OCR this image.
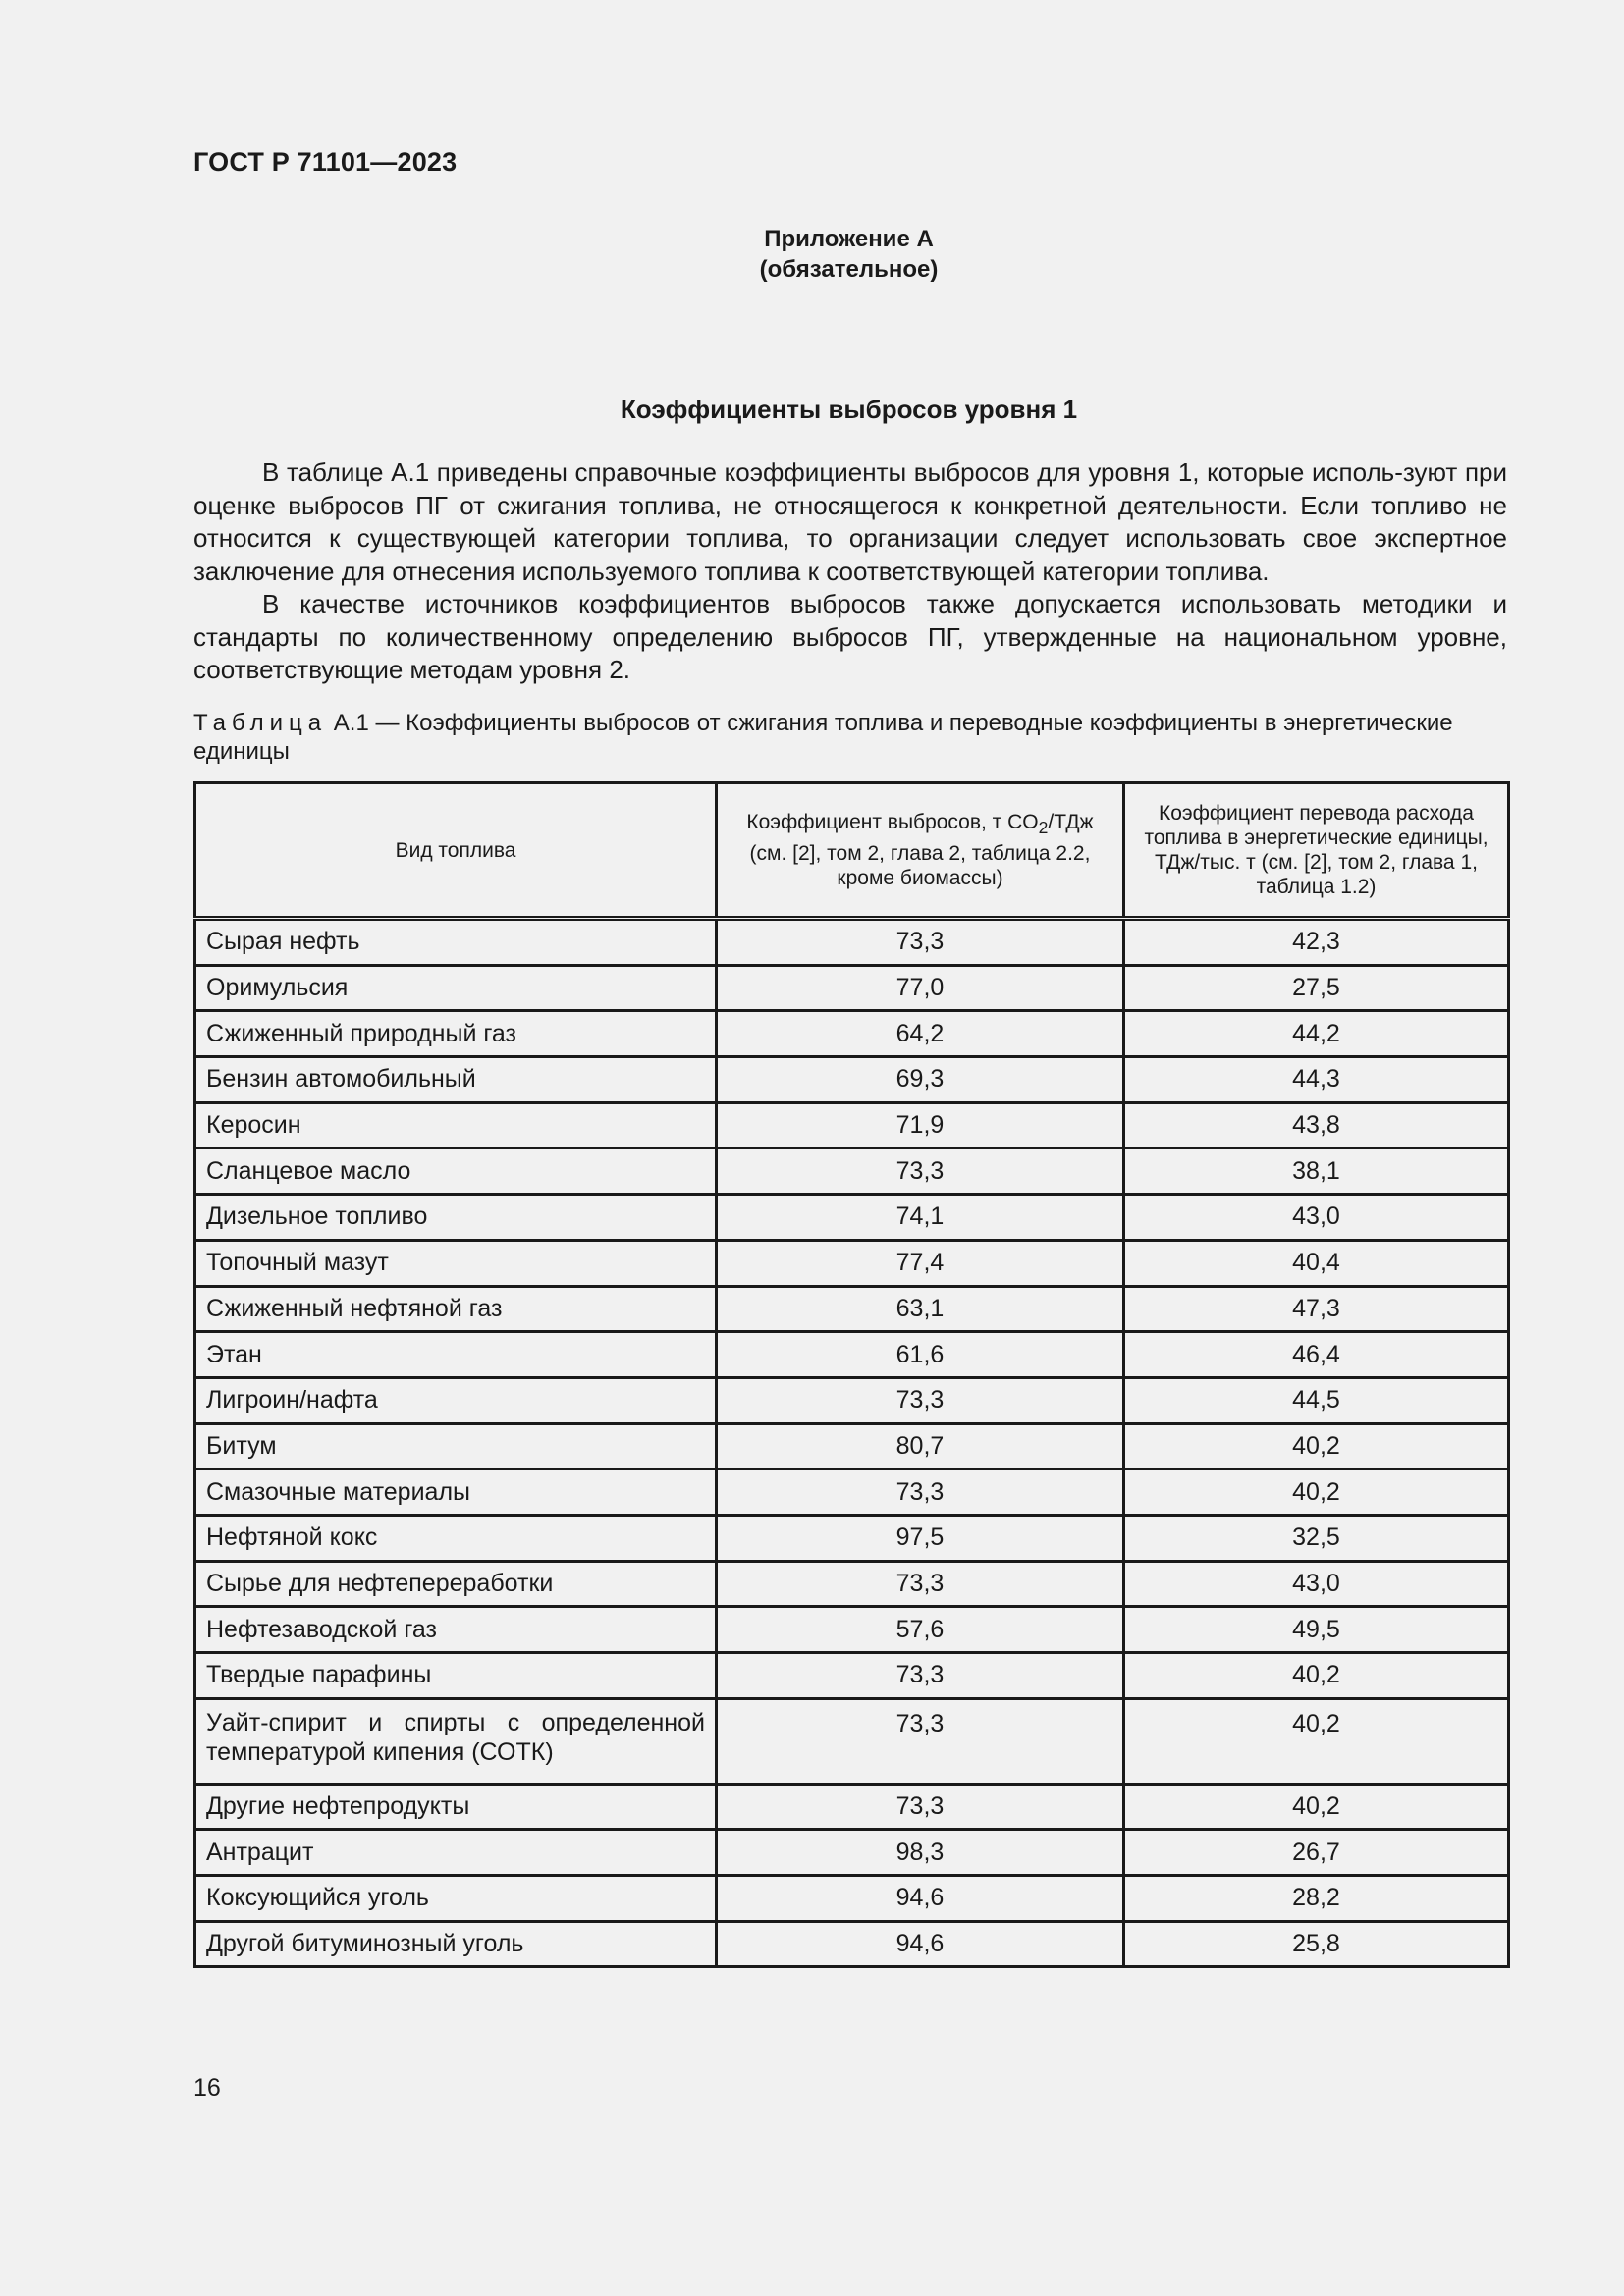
ГОСТ Р 71101—2023
Приложение А
(обязательное)
Коэффициенты выбросов уровня 1

В таблице А.1 приведены справочные коэффициенты выбросов для уровня 1, которые исполь-зуют при оценке выбросов ПГ от сжигания топлива, не относящегося к конкретной деятельности. Если топливо не относится к существующей категории топлива, то организации следует использовать свое экспертное заключение для отнесения используемого топлива к соответствующей категории топлива.

В качестве источников коэффициентов выбросов также допускается использовать методики и стандарты по количественному определению выбросов ПГ, утвержденные на национальном уровне, соответствующие методам уровня 2.

Таблица А.1 — Коэффициенты выбросов от сжигания топлива и переводные коэффициенты в энергетические единицы
Вид топлива	Коэффициент выбросов, т $CO_2$/ТДж (см. [2], том 2, глава 2, таблица 2.2, кроме биомассы)	Коэффициент перевода расхода топлива в энергетические единицы, ТДж/тыс. т (см. [2], том 2, глава 1, таблица 1.2)
Сырая нефть	73,3	42,3
Оримульсия	77,0	27,5
Сжиженный природный газ	64,2	44,2
Бензин автомобильный	69,3	44,3
Керосин	71,9	43,8
Сланцевое масло	73,3	38,1
Дизельное топливо	74,1	43,0
Топочный мазут	77,4	40,4
Сжиженный нефтяной газ	63,1	47,3
Этан	61,6	46,4
Лигроин/нафта	73,3	44,5
Битум	80,7	40,2
Смазочные материалы	73,3	40,2
Нефтяной кокс	97,5	32,5
Сырье для нефтепереработки	73,3	43,0
Нефтезаводской газ	57,6	49,5
Твердые парафины	73,3	40,2
Уайт-спирит и спирты с определенной температурой кипения (СОТК)	73,3	40,2
Другие нефтепродукты	73,3	40,2
Антрацит	98,3	26,7
Коксующийся уголь	94,6	28,2
Другой битуминозный уголь	94,6	25,8
16
